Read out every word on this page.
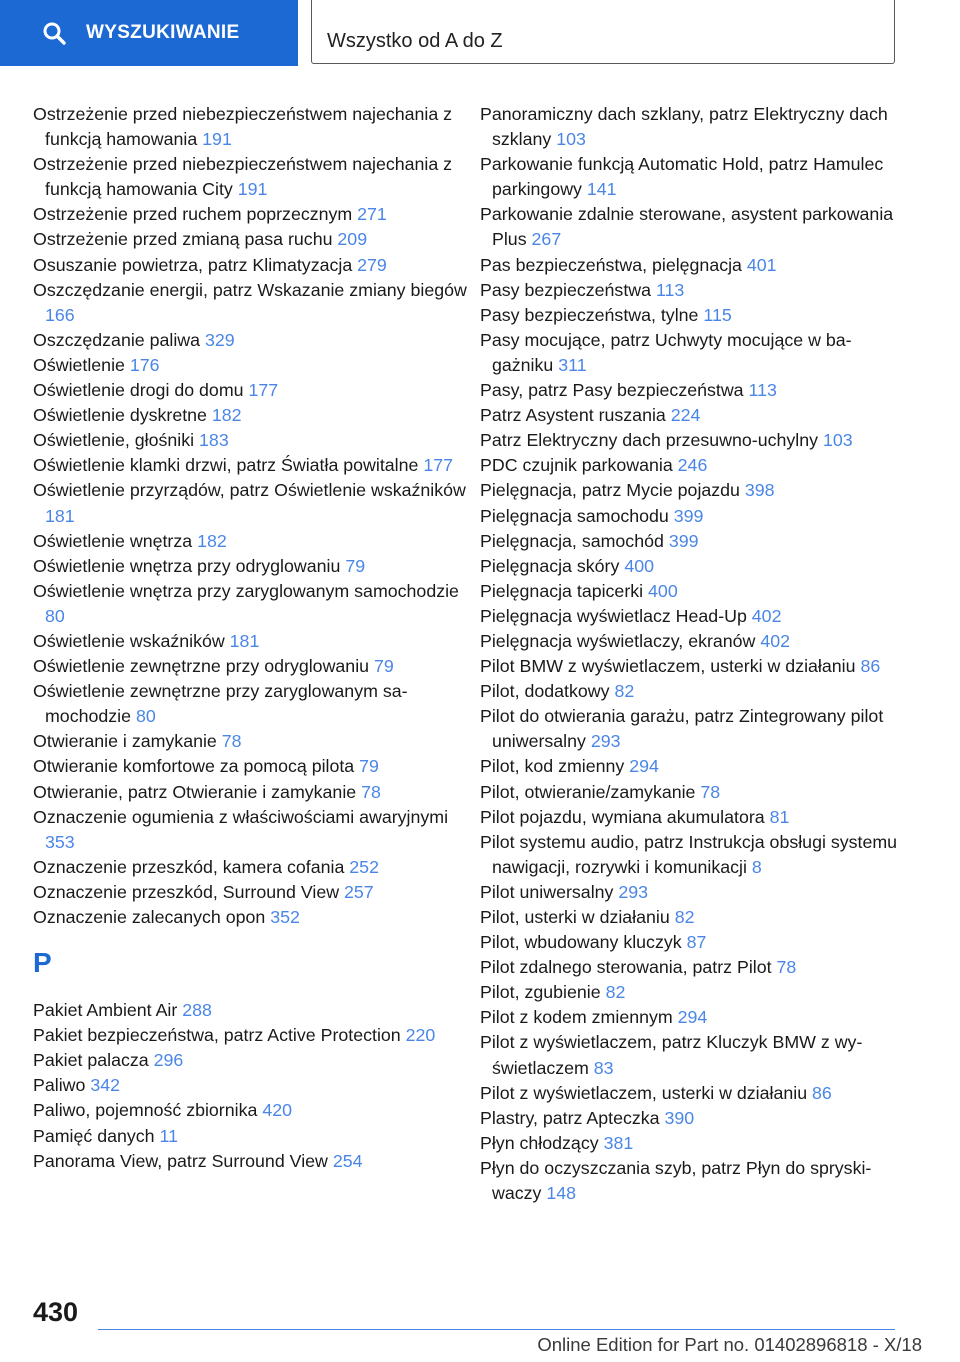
WYSZUKIWANIE	Wszystko od A do Z
Ostrzeżenie przed niebezpieczeństwem najechania z funkcją hamowania 191
Ostrzeżenie przed niebezpieczeństwem najechania z funkcją hamowania City 191
Ostrzeżenie przed ruchem poprzecznym 271
Ostrzeżenie przed zmianą pasa ruchu 209
Osuszanie powietrza, patrz Klimatyzacja 279
Oszczędzanie energii, patrz Wskazanie zmiany biegów 166
Oszczędzanie paliwa 329
Oświetlenie 176
Oświetlenie drogi do domu 177
Oświetlenie dyskretne 182
Oświetlenie, głośniki 183
Oświetlenie klamki drzwi, patrz Światła powitalne 177
Oświetlenie przyrządów, patrz Oświetlenie wskaźników 181
Oświetlenie wnętrza 182
Oświetlenie wnętrza przy odryglowaniu 79
Oświetlenie wnętrza przy zaryglowanym samochodzie 80
Oświetlenie wskaźników 181
Oświetlenie zewnętrzne przy odryglowaniu 79
Oświetlenie zewnętrzne przy zaryglowanym samochodzie 80
Otwieranie i zamykanie 78
Otwieranie komfortowe za pomocą pilota 79
Otwieranie, patrz Otwieranie i zamykanie 78
Oznaczenie ogumienia z właściwościami awaryjnymi 353
Oznaczenie przeszkód, kamera cofania 252
Oznaczenie przeszkód, Surround View 257
Oznaczenie zalecanych opon 352
P
Pakiet Ambient Air 288
Pakiet bezpieczeństwa, patrz Active Protection 220
Pakiet palacza 296
Paliwo 342
Paliwo, pojemność zbiornika 420
Pamięć danych 11
Panorama View, patrz Surround View 254
Panoramiczny dach szklany, patrz Elektryczny dach szklany 103
Parkowanie funkcją Automatic Hold, patrz Hamulec parkingowy 141
Parkowanie zdalnie sterowane, asystent parkowania Plus 267
Pas bezpieczeństwa, pielęgnacja 401
Pasy bezpieczeństwa 113
Pasy bezpieczeństwa, tylne 115
Pasy mocujące, patrz Uchwyty mocujące w bagażniku 311
Pasy, patrz Pasy bezpieczeństwa 113
Patrz Asystent ruszania 224
Patrz Elektryczny dach przesuwno-uchylny 103
PDC czujnik parkowania 246
Pielęgnacja, patrz Mycie pojazdu 398
Pielęgnacja samochodu 399
Pielęgnacja, samochód 399
Pielęgnacja skóry 400
Pielęgnacja tapicerki 400
Pielęgnacja wyświetlacz Head-Up 402
Pielęgnacja wyświetlaczy, ekranów 402
Pilot BMW z wyświetlaczem, usterki w działaniu 86
Pilot, dodatkowy 82
Pilot do otwierania garażu, patrz Zintegrowany pilot uniwersalny 293
Pilot, kod zmienny 294
Pilot, otwieranie/zamykanie 78
Pilot pojazdu, wymiana akumulatora 81
Pilot systemu audio, patrz Instrukcja obsługi systemu nawigacji, rozrywki i komunikacji 8
Pilot uniwersalny 293
Pilot, usterki w działaniu 82
Pilot, wbudowany kluczyk 87
Pilot zdalnego sterowania, patrz Pilot 78
Pilot, zgubienie 82
Pilot z kodem zmiennym 294
Pilot z wyświetlaczem, patrz Kluczyk BMW z wyświetlaczem 83
Pilot z wyświetlaczem, usterki w działaniu 86
Plastry, patrz Apteczka 390
Płyn chłodzący 381
Płyn do oczyszczania szyb, patrz Płyn do spryskiwaczy 148
430
Online Edition for Part no. 01402896818 - X/18
